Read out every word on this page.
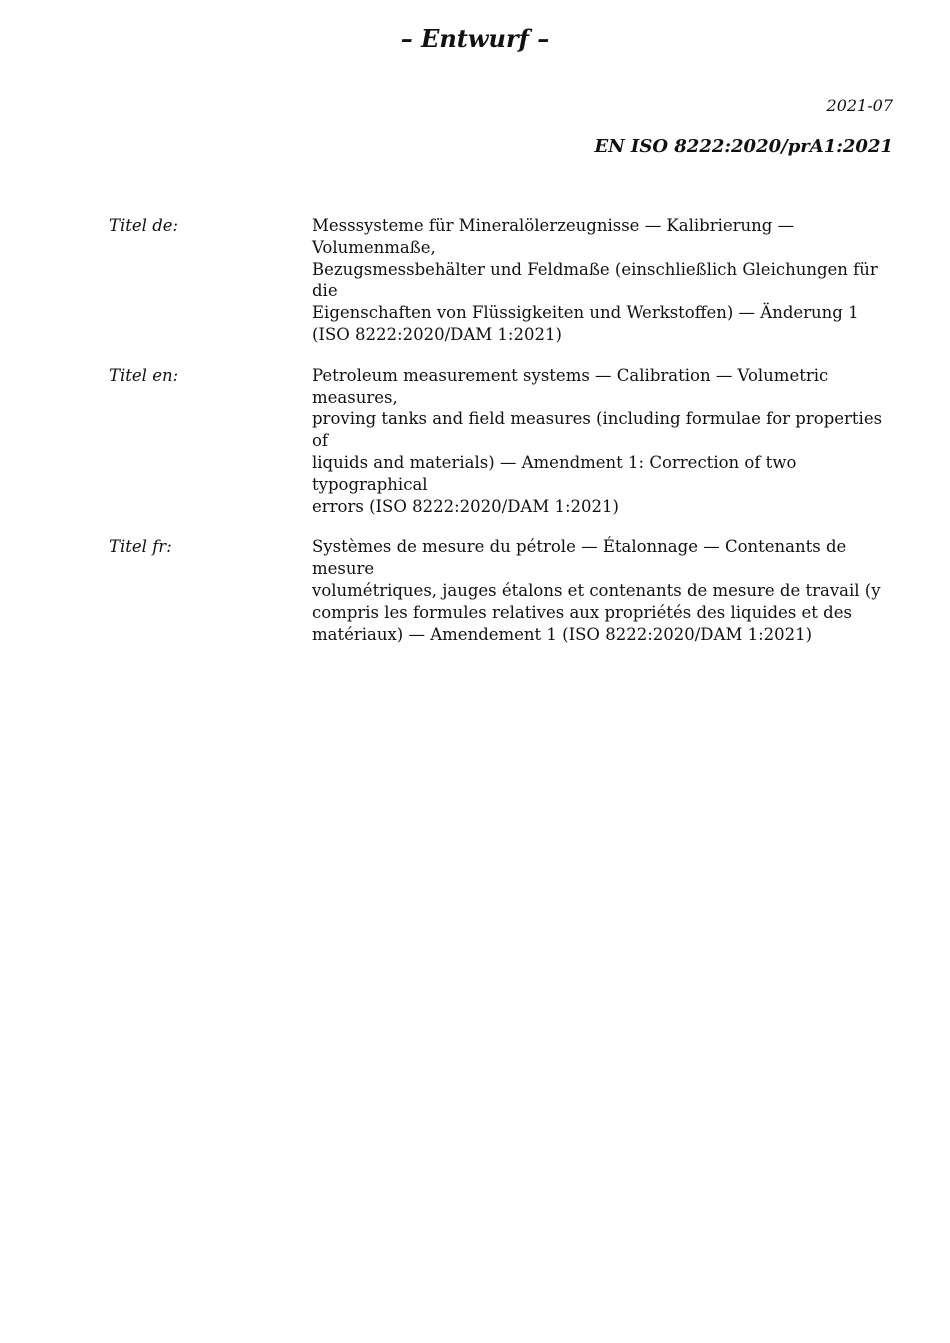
– Entwurf –

2021-07

EN ISO 8222:2020/prA1:2021

Titel de:	Messsysteme für Mineralölerzeugnisse — Kalibrierung — Volumenmaße,
Bezugsmessbehälter und Feldmaße (einschließlich Gleichungen für die
Eigenschaften von Flüssigkeiten und Werkstoffen) — Änderung 1
(ISO 8222:2020/DAM 1:2021)
Titel en:	Petroleum measurement systems — Calibration — Volumetric measures,
proving tanks and field measures (including formulae for properties of
liquids and materials) — Amendment 1: Correction of two typographical
errors (ISO 8222:2020/DAM 1:2021)
Titel fr:	Systèmes de mesure du pétrole — Étalonnage — Contenants de mesure
volumétriques, jauges étalons et contenants de mesure de travail (y
compris les formules relatives aux propriétés des liquides et des
matériaux) — Amendement 1 (ISO 8222:2020/DAM 1:2021)
